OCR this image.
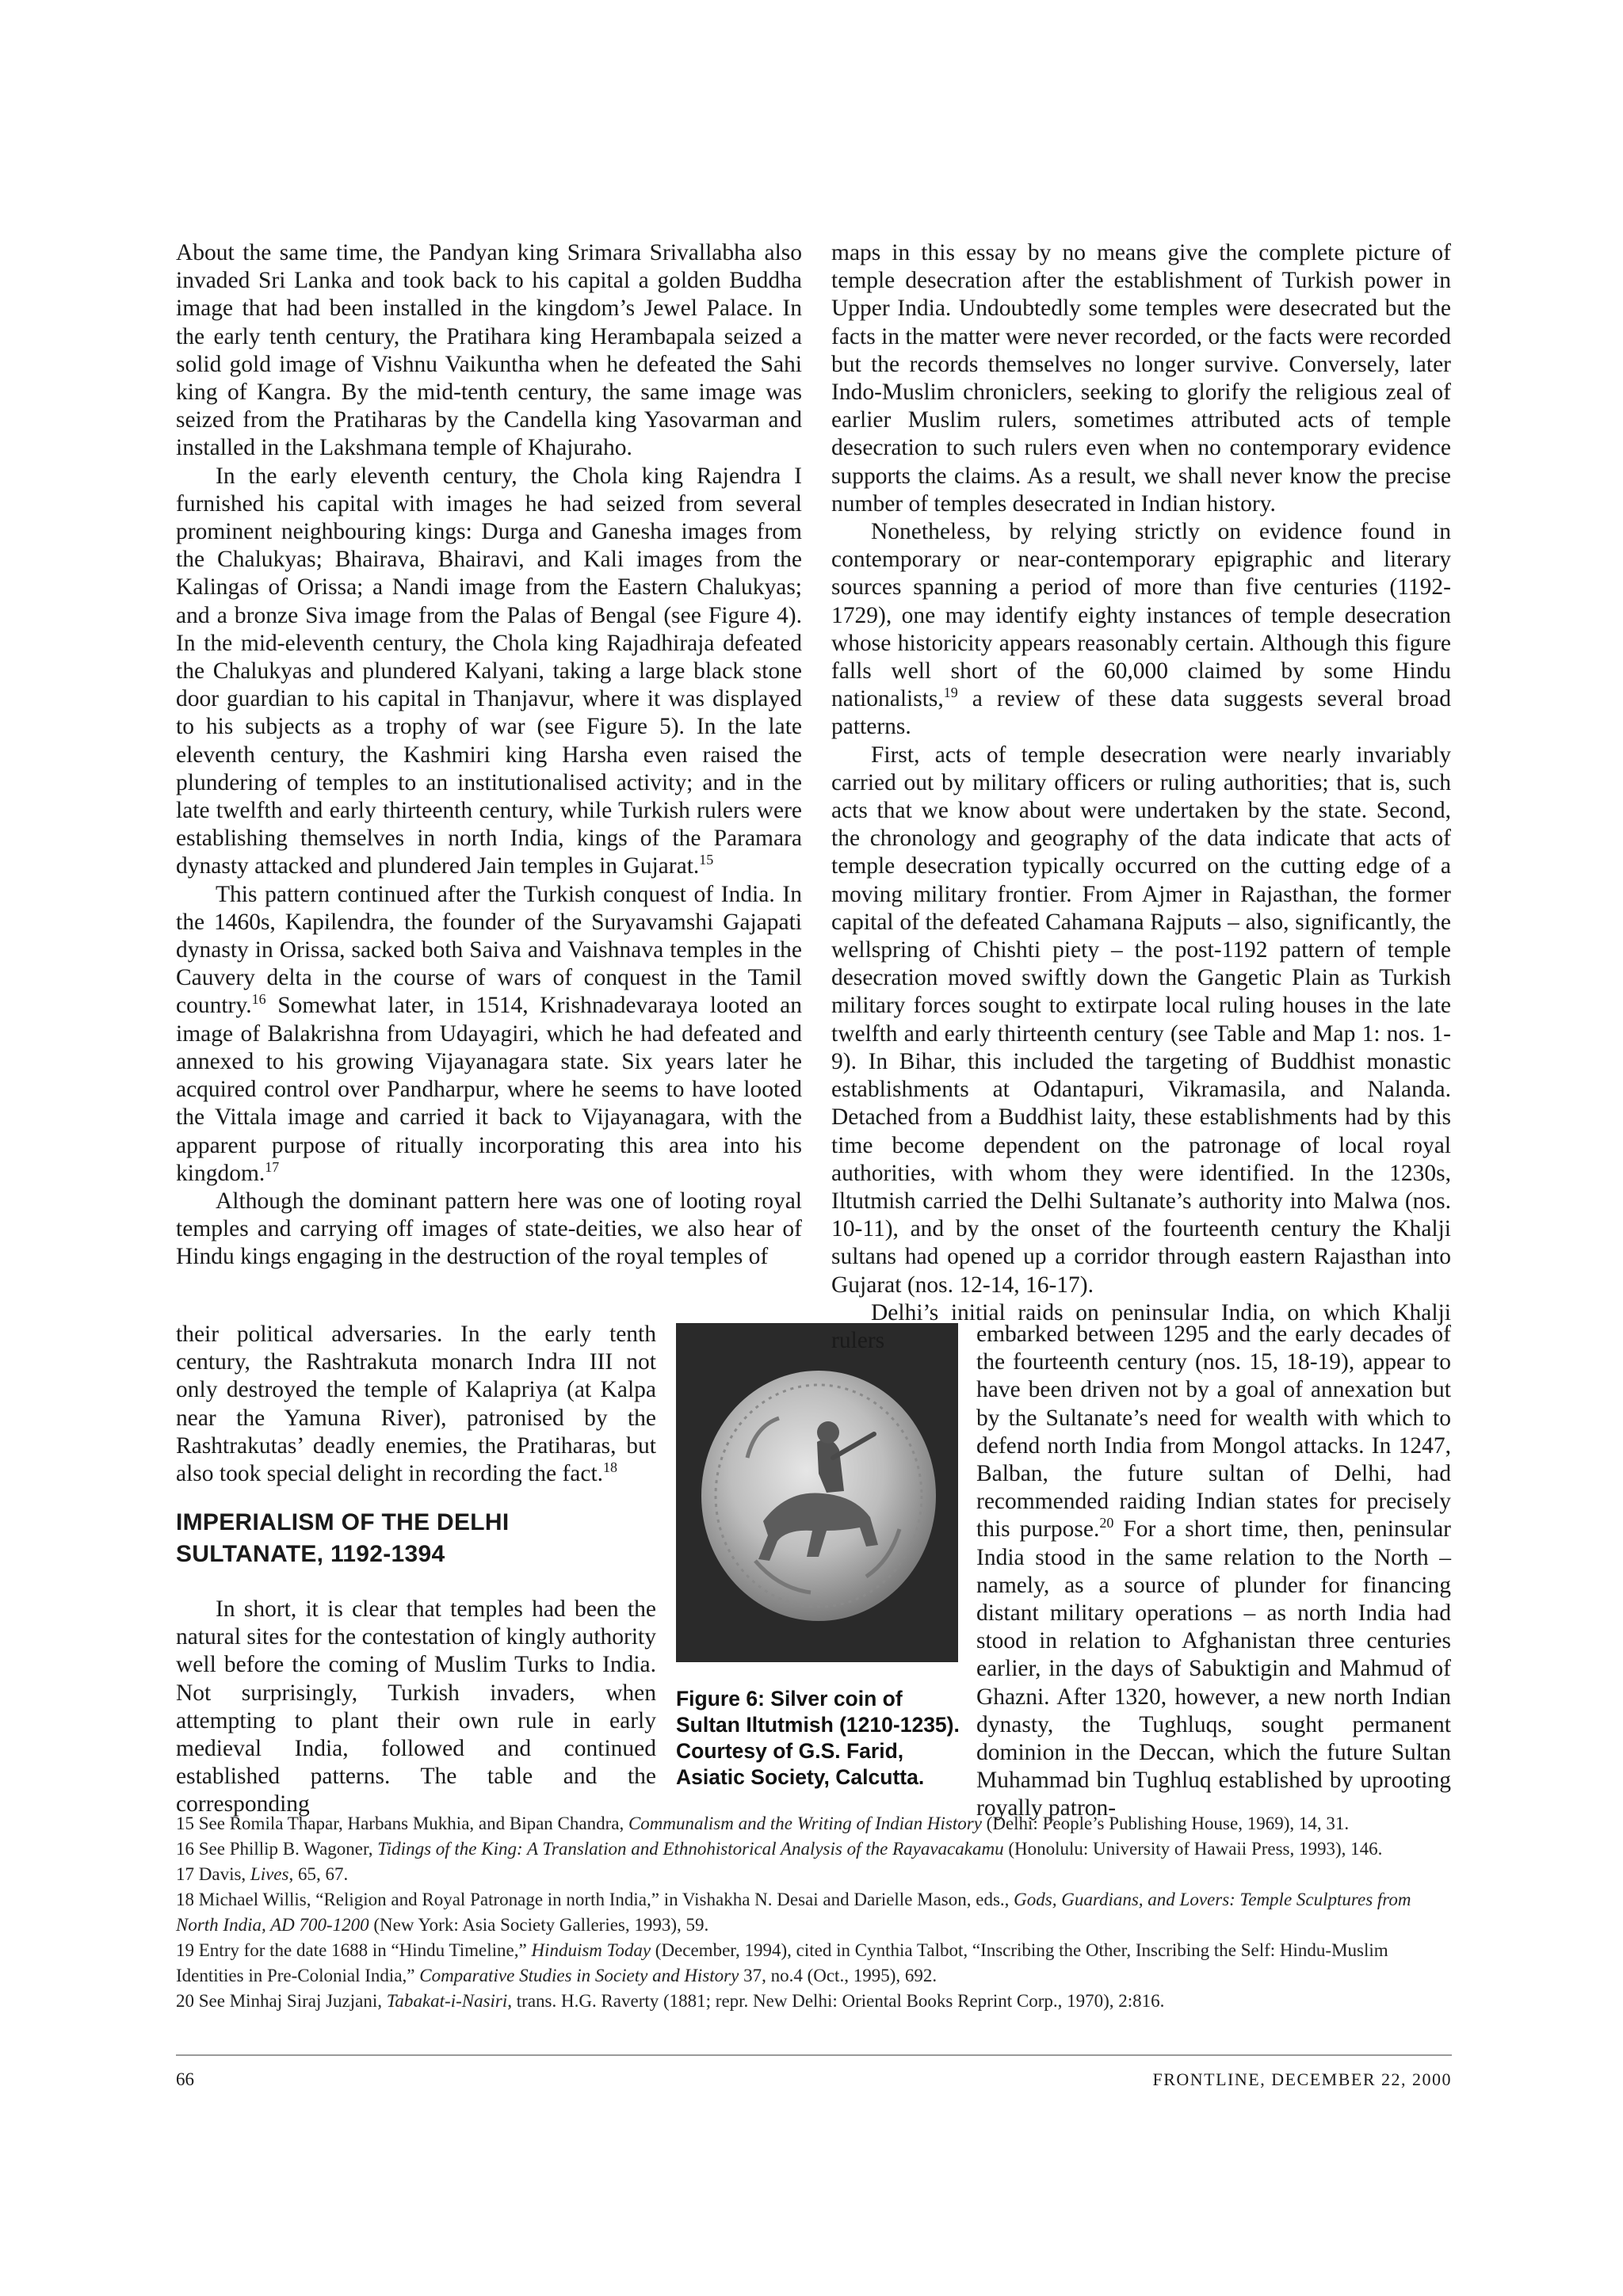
About the same time, the Pandyan king Srimara Srivallabha also invaded Sri Lanka and took back to his capital a golden Buddha image that had been installed in the kingdom’s Jewel Palace. In the early tenth century, the Pratihara king Herambapala seized a solid gold image of Vishnu Vaikuntha when he defeated the Sahi king of Kangra. By the mid-tenth century, the same image was seized from the Pratiharas by the Candella king Yasovarman and installed in the Lakshmana temple of Khajuraho.

In the early eleventh century, the Chola king Rajendra I furnished his capital with images he had seized from several prominent neighbouring kings: Durga and Ganesha images from the Chalukyas; Bhairava, Bhairavi, and Kali images from the Kalingas of Orissa; a Nandi image from the Eastern Chalukyas; and a bronze Siva image from the Palas of Bengal (see Figure 4). In the mid-eleventh century, the Chola king Rajadhiraja defeated the Chalukyas and plundered Kalyani, taking a large black stone door guardian to his capital in Thanjavur, where it was displayed to his subjects as a trophy of war (see Figure 5). In the late eleventh century, the Kashmiri king Harsha even raised the plundering of temples to an institutionalised activity; and in the late twelfth and early thirteenth century, while Turkish rulers were establishing themselves in north India, kings of the Paramara dynasty attacked and plundered Jain temples in Gujarat.$^{15}$

This pattern continued after the Turkish conquest of India. In the 1460s, Kapilendra, the founder of the Suryavamshi Gajapati dynasty in Orissa, sacked both Saiva and Vaishnava temples in the Cauvery delta in the course of wars of conquest in the Tamil country.$^{16}$ Somewhat later, in 1514, Krishnadevaraya looted an image of Balakrishna from Udayagiri, which he had defeated and annexed to his growing Vijayanagara state. Six years later he acquired control over Pandharpur, where he seems to have looted the Vittala image and carried it back to Vijayanagara, with the apparent purpose of ritually incorporating this area into his kingdom.$^{17}$

Although the dominant pattern here was one of looting royal temples and carrying off images of state-deities, we also hear of Hindu kings engaging in the destruction of the royal temples of

their political adversaries. In the early tenth century, the Rashtrakuta monarch Indra III not only destroyed the temple of Kalapriya (at Kalpa near the Yamuna River), patronised by the Rashtrakutas’ deadly enemies, the Pratiharas, but also took special delight in recording the fact.$^{18}$

IMPERIALISM OF THE DELHI SULTANATE, 1192-1394

In short, it is clear that temples had been the natural sites for the contestation of kingly authority well before the coming of Muslim Turks to India. Not surprisingly, Turkish invaders, when attempting to plant their own rule in early medieval India, followed and continued established patterns. The table and the corresponding

Figure 6: Silver coin of Sultan Iltutmish (1210-1235). Courtesy of G.S. Farid, Asiatic Society, Calcutta.

maps in this essay by no means give the complete picture of temple desecration after the establishment of Turkish power in Upper India. Undoubtedly some temples were desecrated but the facts in the matter were never recorded, or the facts were recorded but the records themselves no longer survive. Conversely, later Indo-Muslim chroniclers, seeking to glorify the religious zeal of earlier Muslim rulers, sometimes attributed acts of temple desecration to such rulers even when no contemporary evidence supports the claims. As a result, we shall never know the precise number of temples desecrated in Indian history.

Nonetheless, by relying strictly on evidence found in contemporary or near-contemporary epigraphic and literary sources spanning a period of more than five centuries (1192-1729), one may identify eighty instances of temple desecration whose historicity appears reasonably certain. Although this figure falls well short of the 60,000 claimed by some Hindu nationalists,$^{19}$ a review of these data suggests several broad patterns.

First, acts of temple desecration were nearly invariably carried out by military officers or ruling authorities; that is, such acts that we know about were undertaken by the state. Second, the chronology and geography of the data indicate that acts of temple desecration typically occurred on the cutting edge of a moving military frontier. From Ajmer in Rajasthan, the former capital of the defeated Cahamana Rajputs – also, significantly, the wellspring of Chishti piety – the post-1192 pattern of temple desecration moved swiftly down the Gangetic Plain as Turkish military forces sought to extirpate local ruling houses in the late twelfth and early thirteenth century (see Table and Map 1: nos. 1-9). In Bihar, this included the targeting of Buddhist monastic establishments at Odantapuri, Vikramasila, and Nalanda. Detached from a Buddhist laity, these establishments had by this time become dependent on the patronage of local royal authorities, with whom they were identified. In the 1230s, Iltutmish carried the Delhi Sultanate’s authority into Malwa (nos. 10-11), and by the onset of the fourteenth century the Khalji sultans had opened up a corridor through eastern Rajasthan into Gujarat (nos. 12-14, 16-17).

Delhi’s initial raids on peninsular India, on which Khalji rulers	embarked between 1295 and the early decades of the fourteenth century (nos. 15, 18-19), appear to have been driven not by a goal of annexation but by the Sultanate’s need for wealth with which to defend north India from Mongol attacks. In 1247, Balban, the future sultan of Delhi, had recommended raiding Indian states for precisely this purpose.$^{20}$ For a short time, then, peninsular India stood in the same relation to the North – namely, as a source of plunder for financing distant military operations – as north India had stood in relation to Afghanistan three centuries earlier, in the days of Sabuktigin and Mahmud of Ghazni. After 1320, however, a new north Indian dynasty, the Tughluqs, sought permanent dominion in the Deccan, which the future Sultan Muhammad bin Tughluq established by uprooting royally patron-

15 See Romila Thapar, Harbans Mukhia, and Bipan Chandra, Communalism and the Writing of Indian History (Delhi: People’s Publishing House, 1969), 14, 31.

16 See Phillip B. Wagoner, Tidings of the King: A Translation and Ethnohistorical Analysis of the Rayavacakamu (Honolulu: University of Hawaii Press, 1993), 146.

17 Davis, Lives, 65, 67.

18 Michael Willis, “Religion and Royal Patronage in north India,” in Vishakha N. Desai and Darielle Mason, eds., Gods, Guardians, and Lovers: Temple Sculptures from North India, AD 700-1200 (New York: Asia Society Galleries, 1993), 59.

19 Entry for the date 1688 in “Hindu Timeline,” Hinduism Today (December, 1994), cited in Cynthia Talbot, “Inscribing the Other, Inscribing the Self: Hindu-Muslim Identities in Pre-Colonial India,” Comparative Studies in Society and History 37, no.4 (Oct., 1995), 692.

20 See Minhaj Siraj Juzjani, Tabakat-i-Nasiri, trans. H.G. Raverty (1881; repr. New Delhi: Oriental Books Reprint Corp., 1970), 2:816.

66	FRONTLINE, DECEMBER 22, 2000
